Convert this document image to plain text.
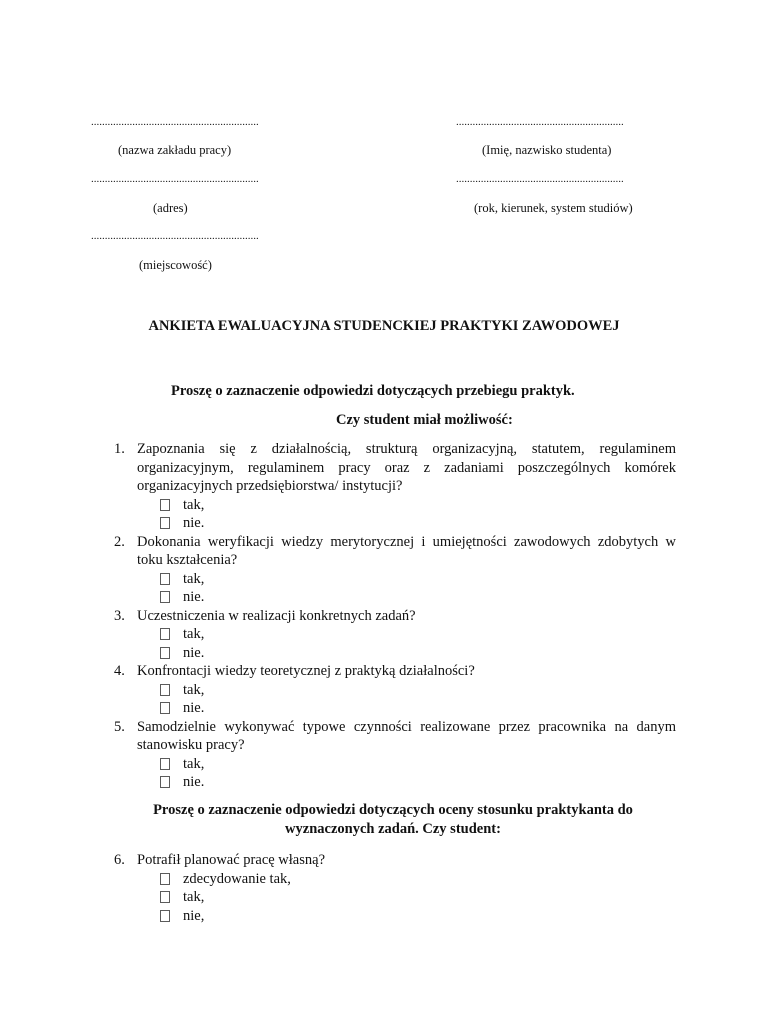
.............................................................
(nazwa zakładu pracy)
.............................................................
(Imię, nazwisko studenta)
.............................................................
(adres)
.............................................................
(rok, kierunek, system studiów)
.............................................................
(miejscowość)
ANKIETA EWALUACYJNA STUDENCKIEJ PRAKTYKI ZAWODOWEJ
Proszę o zaznaczenie odpowiedzi dotyczących przebiegu praktyk.
Czy student miał możliwość:
1. Zapoznania się z działalnością, strukturą organizacyjną, statutem, regulaminem organizacyjnym, regulaminem pracy oraz z zadaniami poszczególnych komórek organizacyjnych przedsiębiorstwa/ instytucji?
tak,
nie.
2. Dokonania weryfikacji wiedzy merytorycznej i umiejętności zawodowych zdobytych w toku kształcenia?
tak,
nie.
3. Uczestniczenia w realizacji konkretnych zadań?
tak,
nie.
4. Konfrontacji wiedzy teoretycznej z praktyką działalności?
tak,
nie.
5. Samodzielnie wykonywać typowe czynności realizowane przez pracownika na danym stanowisku pracy?
tak,
nie.
Proszę o zaznaczenie odpowiedzi dotyczących oceny stosunku praktykanta do
wyznaczonych zadań. Czy student:
6. Potrafił planować pracę własną?
zdecydowanie tak,
tak,
nie,
